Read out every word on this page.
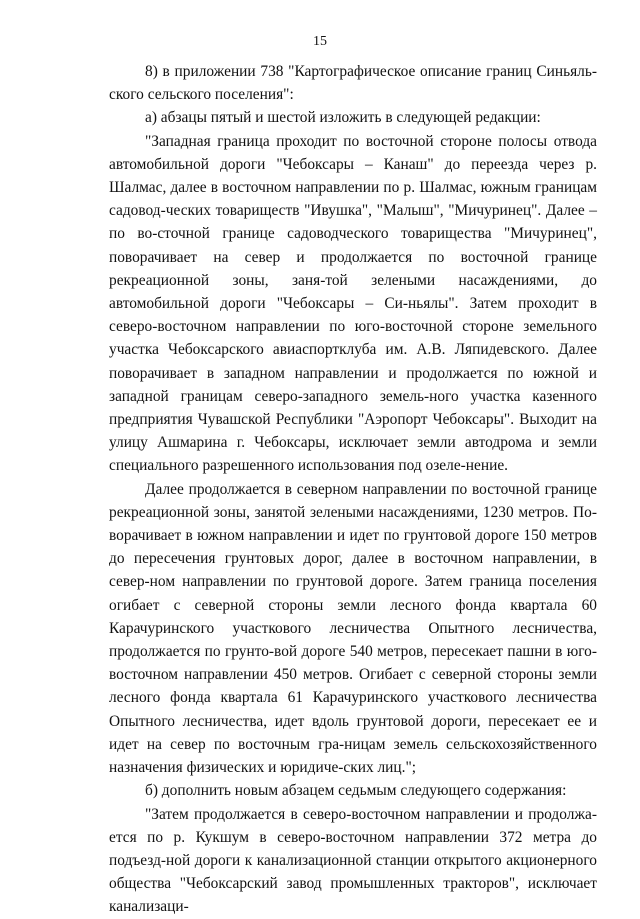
15

8) в приложении 738 "Картографическое описание границ Синьяль-ского сельского поселения":

а) абзацы пятый и шестой изложить в следующей редакции:

"Западная граница проходит по восточной стороне полосы отвода автомобильной дороги "Чебоксары – Канаш" до переезда через р. Шалмас, далее в восточном направлении по р. Шалмас, южным границам садовод-ческих товариществ "Ивушка", "Малыш", "Мичуринец". Далее – по во-сточной границе садоводческого товарищества "Мичуринец", поворачивает на север и продолжается по восточной границе рекреационной зоны, заня-той зелеными насаждениями, до автомобильной дороги "Чебоксары – Си-ньялы". Затем проходит в северо-восточном направлении по юго-восточной стороне земельного участка Чебоксарского авиаспортклуба им. А.В. Ляпидевского. Далее поворачивает в западном направлении и продолжается по южной и западной границам северо-западного земель-ного участка казенного предприятия Чувашской Республики "Аэропорт Чебоксары". Выходит на улицу Ашмарина г. Чебоксары, исключает земли автодрома и земли специального разрешенного использования под озеле-нение.

Далее продолжается в северном направлении по восточной границе рекреационной зоны, занятой зелеными насаждениями, 1230 метров. По-ворачивает в южном направлении и идет по грунтовой дороге 150 метров до пересечения грунтовых дорог, далее в восточном направлении, в север-ном направлении по грунтовой дороге. Затем граница поселения огибает с северной стороны земли лесного фонда квартала 60 Карачуринского участкового лесничества Опытного лесничества, продолжается по грунто-вой дороге 540 метров, пересекает пашни в юго-восточном направлении 450 метров. Огибает с северной стороны земли лесного фонда квартала 61 Карачуринского участкового лесничества Опытного лесничества, идет вдоль грунтовой дороги, пересекает ее и идет на север по восточным гра-ницам земель сельскохозяйственного назначения физических и юридиче-ских лиц.";

б) дополнить новым абзацем седьмым следующего содержания:

"Затем продолжается в северо-восточном направлении и продолжа-ется по р. Кукшум в северо-восточном направлении 372 метра до подъезд-ной дороги к канализационной станции открытого акционерного общества "Чебоксарский завод промышленных тракторов", исключает канализаци-
